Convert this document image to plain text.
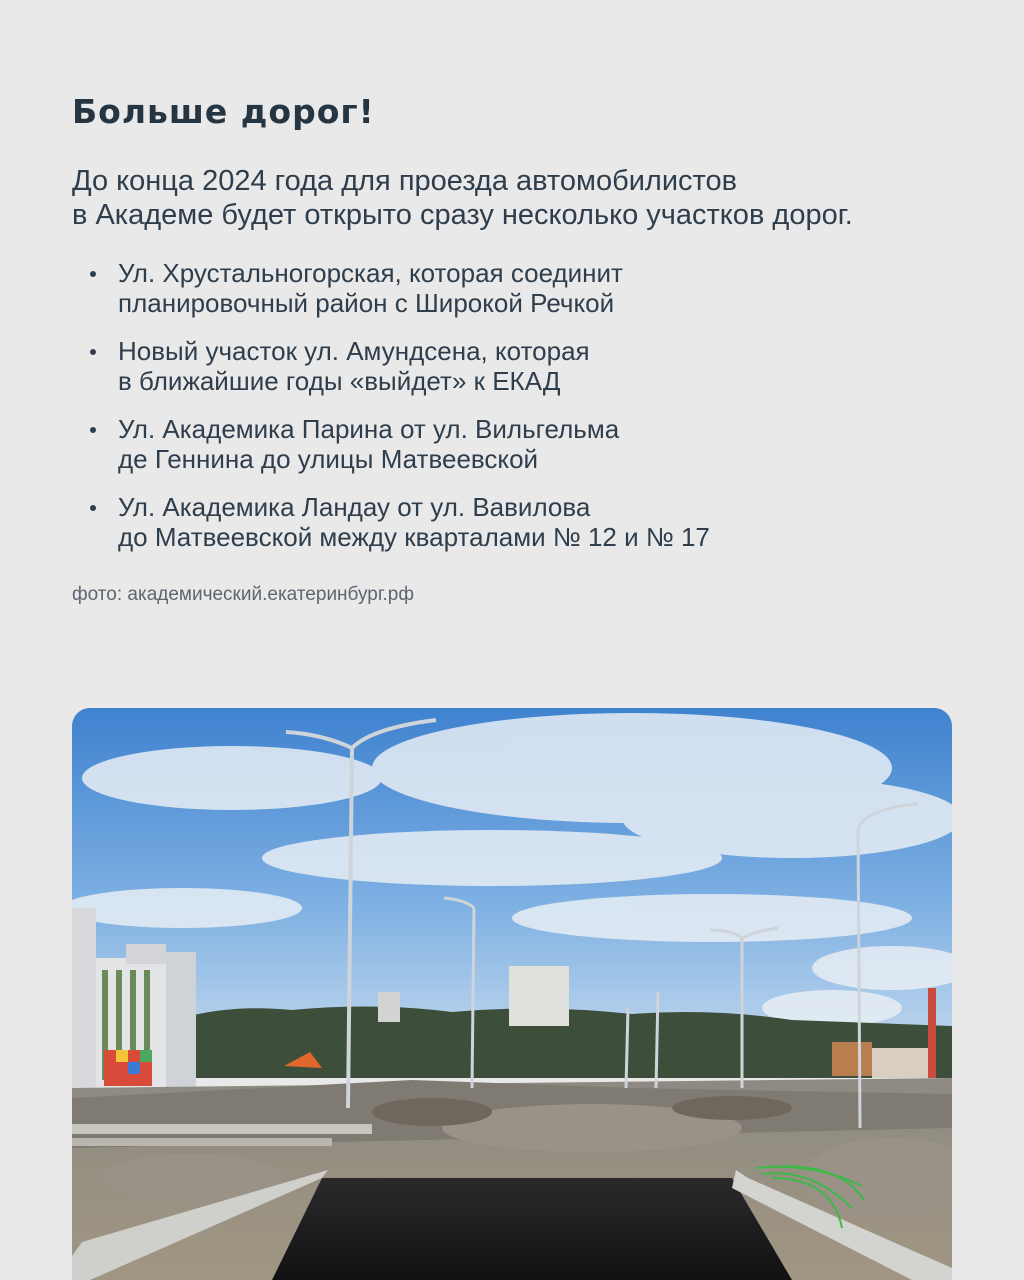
Больше дорог!

До конца 2024 года для проезда автомобилистов
в Академе будет открыто сразу несколько участков дорог.

Ул. Хрустальногорская, которая соединит
планировочный район с Широкой Речкой
Новый участок ул. Амундсена, которая
в ближайшие годы «выйдет» к ЕКАД
Ул. Академика Парина от ул. Вильгельма
де Геннина до улицы Матвеевской
Ул. Академика Ландау от ул. Вавилова
до Матвеевской между кварталами № 12 и № 17

фото: академический.екатеринбург.рф
